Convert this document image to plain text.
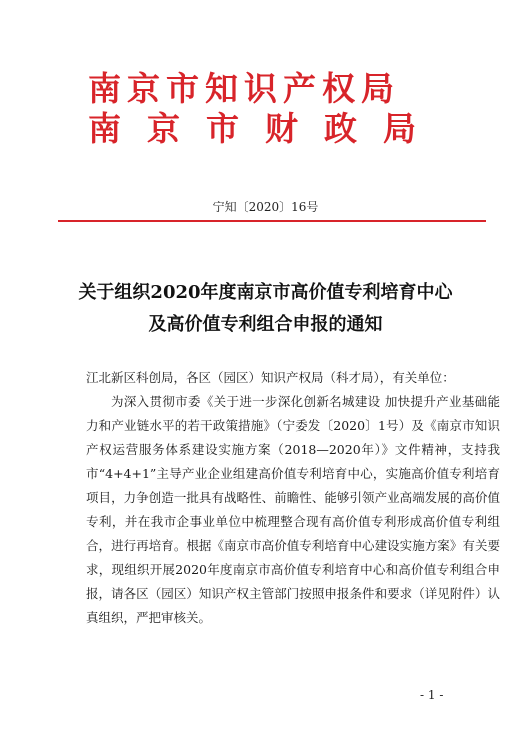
南京市知识产权局
南京市财政局
宁知〔2020〕16号
关于组织2020年度南京市高价值专利培育中心
及高价值专利组合申报的通知
江北新区科创局，各区（园区）知识产权局（科才局），有关单位：
为深入贯彻市委《关于进一步深化创新名城建设 加快提升产业基础能力和产业链水平的若干政策措施》（宁委发〔2020〕1号）及《南京市知识产权运营服务体系建设实施方案（2018—2020年）》文件精神，支持我市“4+4+1”主导产业企业组建高价值专利培育中心，实施高价值专利培育项目，力争创造一批具有战略性、前瞻性、能够引领产业高端发展的高价值专利，并在我市企事业单位中梳理整合现有高价值专利形成高价值专利组合，进行再培育。根据《南京市高价值专利培育中心建设实施方案》有关要求，现组织开展2020年度南京市高价值专利培育中心和高价值专利组合申报，请各区（园区）知识产权主管部门按照申报条件和要求（详见附件）认真组织，严把审核关。
- 1 -
